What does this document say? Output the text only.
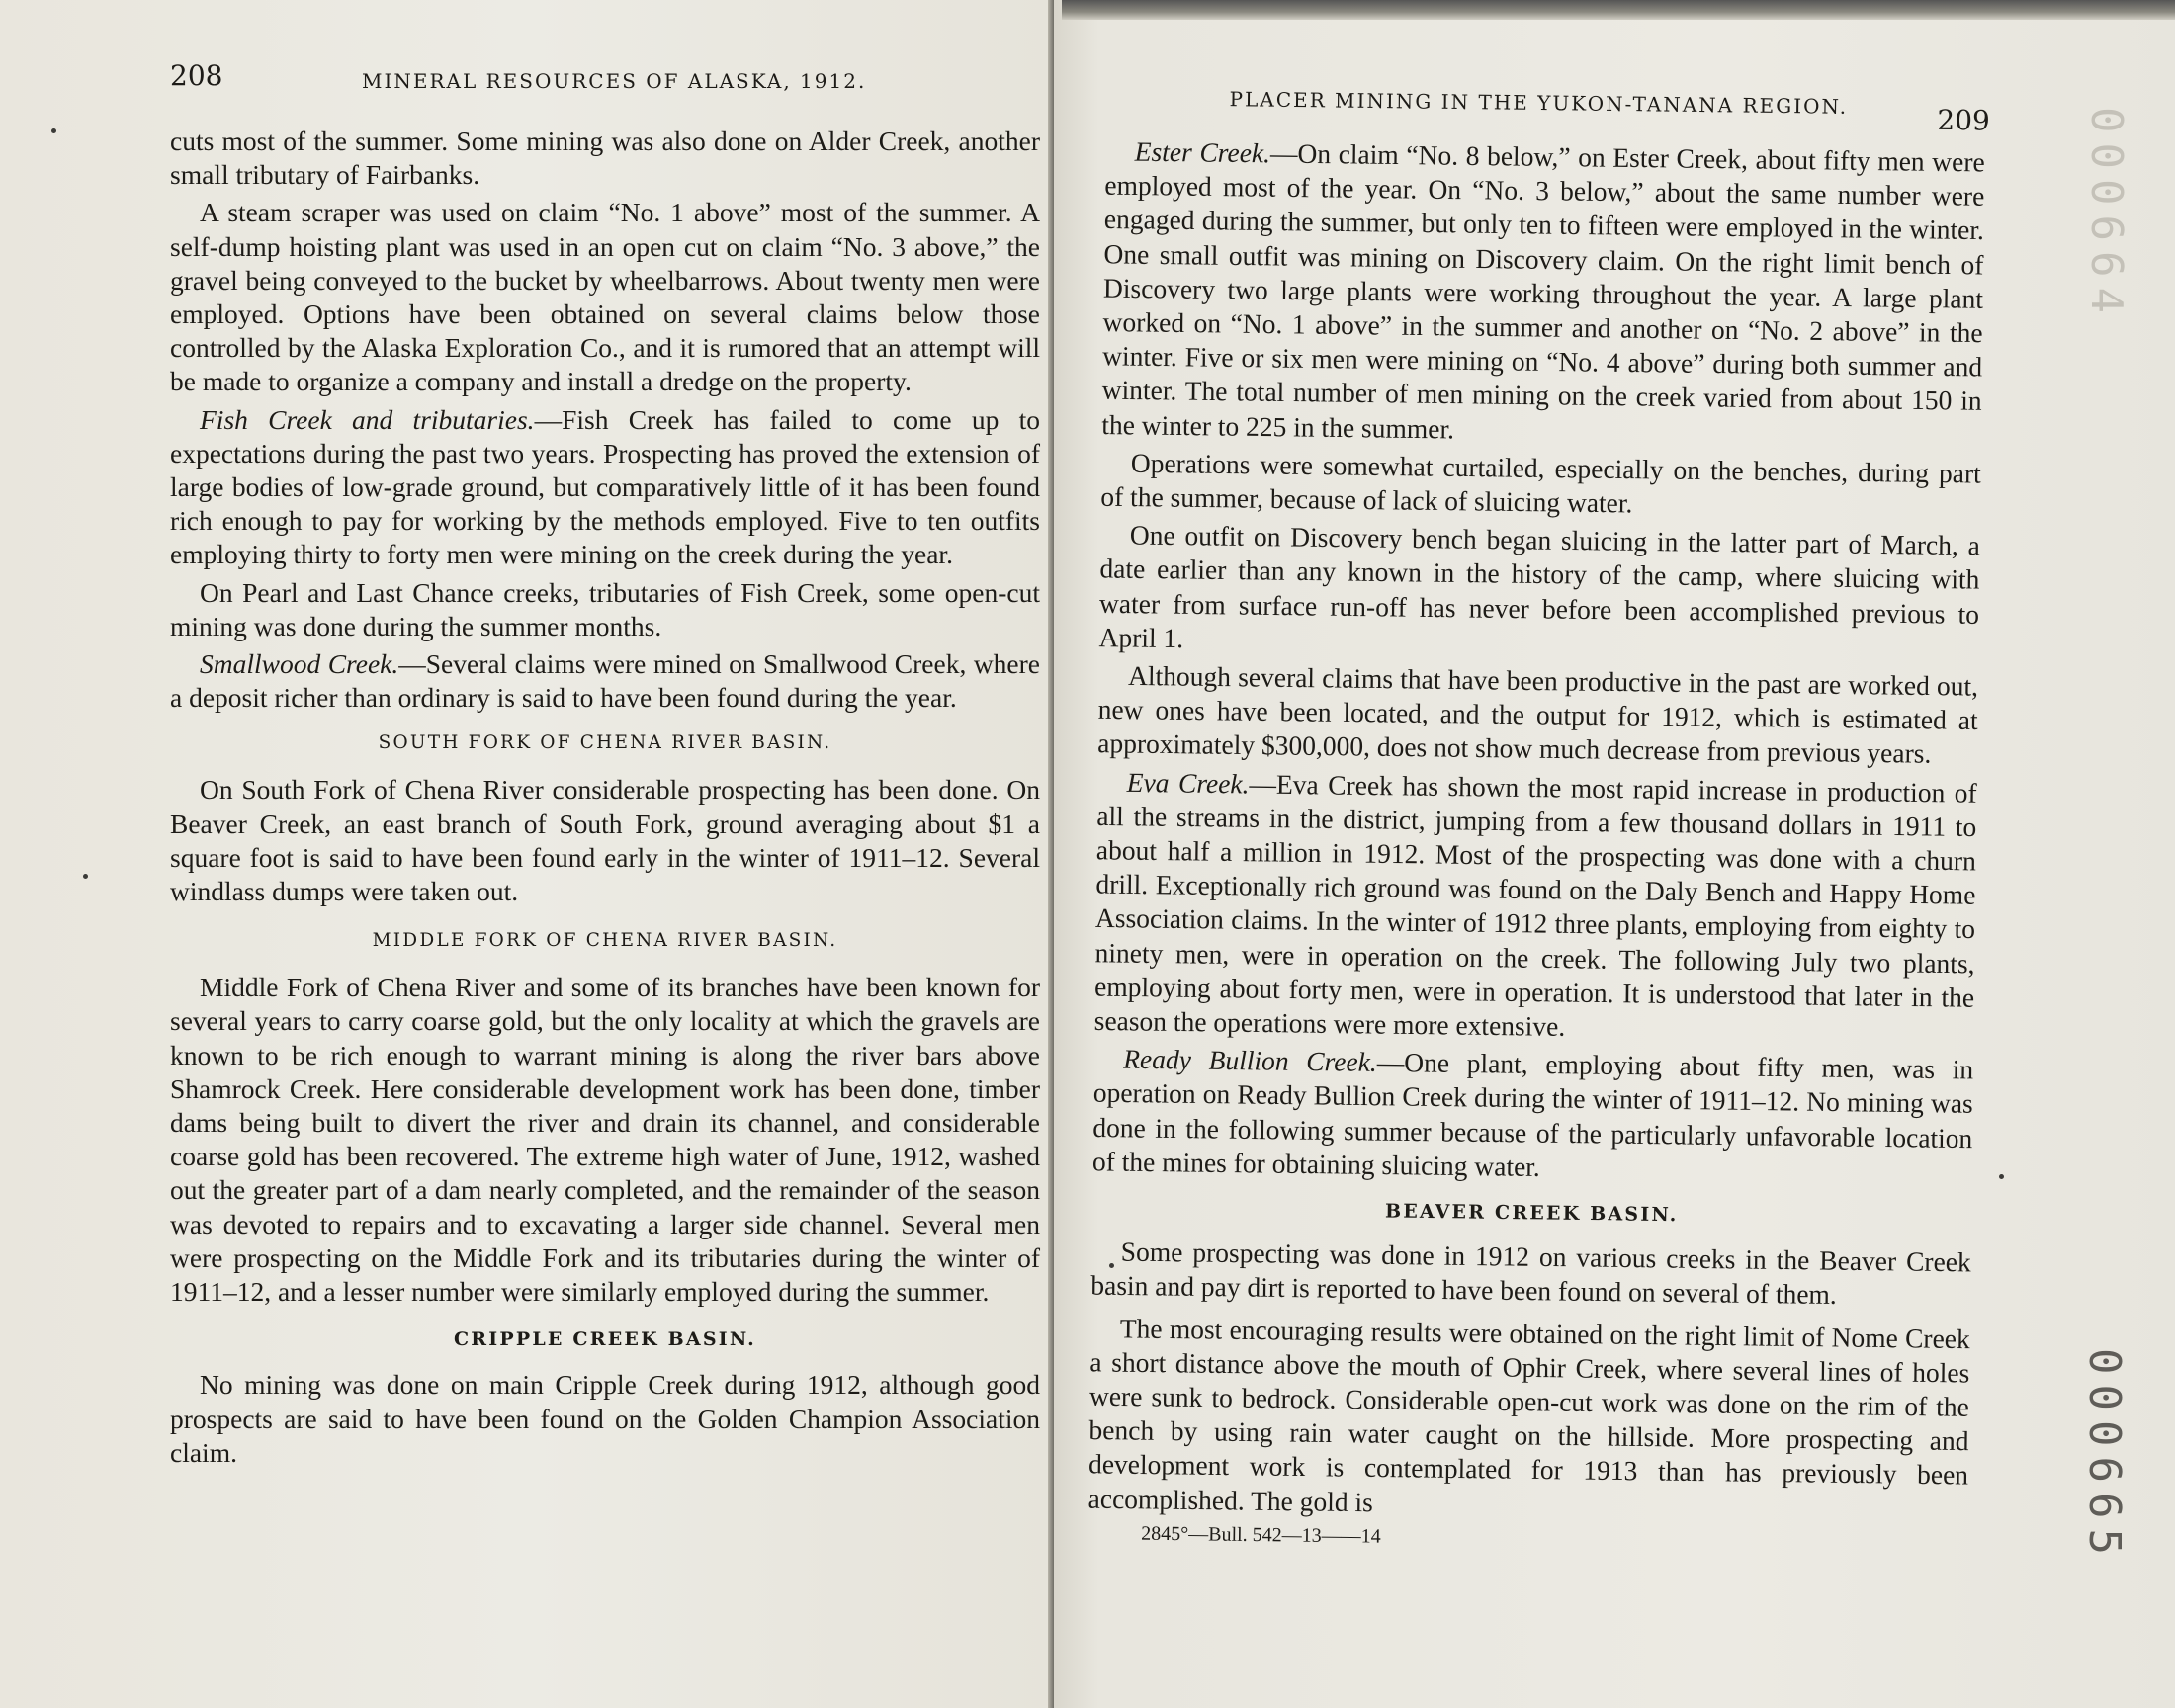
208	MINERAL RESOURCES OF ALASKA, 1912.

cuts most of the summer. Some mining was also done on Alder Creek, another small tributary of Fairbanks.

A steam scraper was used on claim “No. 1 above” most of the summer. A self-dump hoisting plant was used in an open cut on claim “No. 3 above,” the gravel being conveyed to the bucket by wheelbarrows. About twenty men were employed. Options have been obtained on several claims below those controlled by the Alaska Exploration Co., and it is rumored that an attempt will be made to organize a company and install a dredge on the property.

Fish Creek and tributaries.—Fish Creek has failed to come up to expectations during the past two years. Prospecting has proved the extension of large bodies of low-grade ground, but comparatively little of it has been found rich enough to pay for working by the methods employed. Five to ten outfits employing thirty to forty men were mining on the creek during the year.

On Pearl and Last Chance creeks, tributaries of Fish Creek, some open-cut mining was done during the summer months.

Smallwood Creek.—Several claims were mined on Smallwood Creek, where a deposit richer than ordinary is said to have been found during the year.

SOUTH FORK OF CHENA RIVER BASIN.

On South Fork of Chena River considerable prospecting has been done. On Beaver Creek, an east branch of South Fork, ground averaging about $1 a square foot is said to have been found early in the winter of 1911–12. Several windlass dumps were taken out.

MIDDLE FORK OF CHENA RIVER BASIN.

Middle Fork of Chena River and some of its branches have been known for several years to carry coarse gold, but the only locality at which the gravels are known to be rich enough to warrant mining is along the river bars above Shamrock Creek. Here considerable development work has been done, timber dams being built to divert the river and drain its channel, and considerable coarse gold has been recovered. The extreme high water of June, 1912, washed out the greater part of a dam nearly completed, and the remainder of the season was devoted to repairs and to excavating a larger side channel. Several men were prospecting on the Middle Fork and its tributaries during the winter of 1911–12, and a lesser number were similarly employed during the summer.

CRIPPLE CREEK BASIN.

No mining was done on main Cripple Creek during 1912, although good prospects are said to have been found on the Golden Champion Association claim.

PLACER MINING IN THE YUKON-TANANA REGION.
209

Ester Creek.—On claim “No. 8 below,” on Ester Creek, about fifty men were employed most of the year. On “No. 3 below,” about the same number were engaged during the summer, but only ten to fifteen were employed in the winter. One small outfit was mining on Discovery claim. On the right limit bench of Discovery two large plants were working throughout the year. A large plant worked on “No. 1 above” in the summer and another on “No. 2 above” in the winter. Five or six men were mining on “No. 4 above” during both summer and winter. The total number of men mining on the creek varied from about 150 in the winter to 225 in the summer.

Operations were somewhat curtailed, especially on the benches, during part of the summer, because of lack of sluicing water.

One outfit on Discovery bench began sluicing in the latter part of March, a date earlier than any known in the history of the camp, where sluicing with water from surface run-off has never before been accomplished previous to April 1.

Although several claims that have been productive in the past are worked out, new ones have been located, and the output for 1912, which is estimated at approximately $300,000, does not show much decrease from previous years.

Eva Creek.—Eva Creek has shown the most rapid increase in production of all the streams in the district, jumping from a few thousand dollars in 1911 to about half a million in 1912. Most of the prospecting was done with a churn drill. Exceptionally rich ground was found on the Daly Bench and Happy Home Association claims. In the winter of 1912 three plants, employing from eighty to ninety men, were in operation on the creek. The following July two plants, employing about forty men, were in operation. It is understood that later in the season the operations were more extensive.

Ready Bullion Creek.—One plant, employing about fifty men, was in operation on Ready Bullion Creek during the winter of 1911–12. No mining was done in the following summer because of the particularly unfavorable location of the mines for obtaining sluicing water.

BEAVER CREEK BASIN.

Some prospecting was done in 1912 on various creeks in the Beaver Creek basin and pay dirt is reported to have been found on several of them.

The most encouraging results were obtained on the right limit of Nome Creek a short distance above the mouth of Ophir Creek, where several lines of holes were sunk to bedrock. Considerable open-cut work was done on the rim of the bench by using rain water caught on the hillside. More prospecting and development work is contemplated for 1913 than has previously been accomplished. The gold is

2845°—Bull. 542—13——14
000664
000665
